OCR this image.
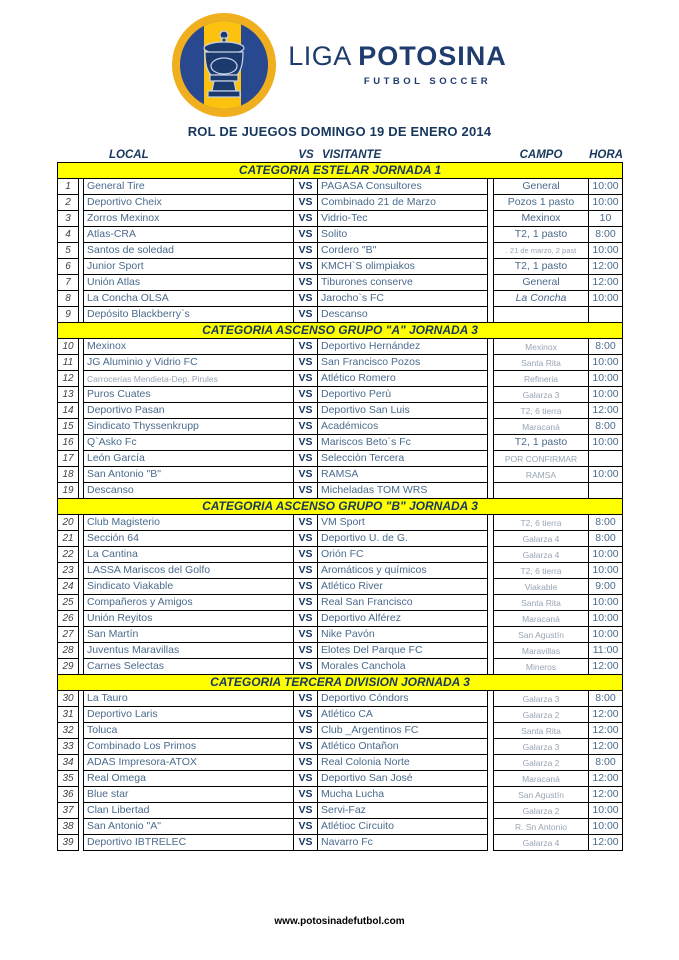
LIGA POTOSINA
FUTBOL SOCCER
ROL DE JUEGOS DOMINGO 19 DE ENERO 2014
LOCAL	VS VISITANTE	CAMPO	HORA
CATEGORIA ESTELAR JORNADA 1
1	General Tire	VS PAGASA Consultores	General	10:00
2	Deportivo Cheix	VS Combinado 21 de Marzo	Pozos 1 pasto	10:00
3	Zorros Mexinox	VS Vidrio-Tec	Mexinox	10
4	Atlas-CRA	VS Solito	T2, 1 pasto	8:00
5	Santos de soledad	VS Cordero "B"	. 21 de marzo, 2 past	10:00
6	Junior Sport	VS KMCH`S olimpiakos	T2, 1 pasto	12:00
7	Unión Atlas	VS Tiburones conserve	General	12:00
8	La Concha OLSA	VS Jarocho`s FC	La Concha	10:00
9	Depósito Blackberry`s	VS Descanso
CATEGORIA ASCENSO GRUPO "A" JORNADA 3
10	Mexinox	VS Deportivo Hernández	Mexinox	8:00
11	JG Aluminio y Vidrio FC	VS San Francisco Pozos	Santa Rita	10:00
12	Carrocerías Mendieta-Dep. Pirules	VS Atlético Romero	Refineria	10:00
13	Puros Cuates	VS Deportivo Perù	Galarza 3	10:00
14	Deportivo Pasan	VS Deportivo San Luis	T2, 6 tierra	12:00
15	Sindicato Thyssenkrupp	VS Académicos	Maracaná	8:00
16	Q`Asko Fc	VS Mariscos Beto`s Fc	T2, 1 pasto	10:00
17	León García	VS Selecciòn Tercera	POR CONFIRMAR
18	San Antonio "B"	VS RAMSA	RAMSA	10:00
19	Descanso	VS Micheladas TOM WRS
CATEGORIA ASCENSO GRUPO "B" JORNADA 3
20	Club Magisterio	VS VM Sport	T2, 6 tierra	8:00
21	Sección 64	VS Deportivo U. de G.	Galarza 4	8:00
22	La Cantina	VS Orión FC	Galarza 4	10:00
23	LASSA Mariscos del Golfo	VS Aromáticos y químicos	T2, 6 tierra	10:00
24	Sindicato Viakable	VS Atlético River	Viakable	9:00
25	Compañeros y Amigos	VS Real San Francisco	Santa Rita	10:00
26	Unión Reyitos	VS Deportivo Alférez	Maracaná	10:00
27	San Martín	VS Nike Pavón	San Agustín	10:00
28	Juventus Maravillas	VS Elotes Del Parque FC	Maravillas	11:00
29	Carnes Selectas	VS Morales Canchola	Mineros	12:00
CATEGORIA TERCERA DIVISION JORNADA 3
30	La Tauro	VS Deportivo Cóndors	Galarza 3	8:00
31	Deportivo Laris	VS Atlético CA	Galarza 2	12:00
32	Toluca	VS Club _Argentinos FC	Santa Rita	12:00
33	Combinado Los Primos	VS Atlético Ontañon	Galarza 3	12:00
34	ADAS Impresora-ATOX	VS Real Colonia Norte	Galarza 2	8:00
35	Real Omega	VS Deportivo San José	Maracaná	12:00
36	Blue star	VS Mucha Lucha	San Agustín	12:00
37	Clan Libertad	VS Servi-Faz	Galarza 2	10:00
38	San Antonio "A"	VS Atlétioc Circuito	R. Sn Antonio	10:00
39	Deportivo IBTRELEC	VS Navarro Fc	Galarza 4	12:00
www.potosinadefutbol.com
